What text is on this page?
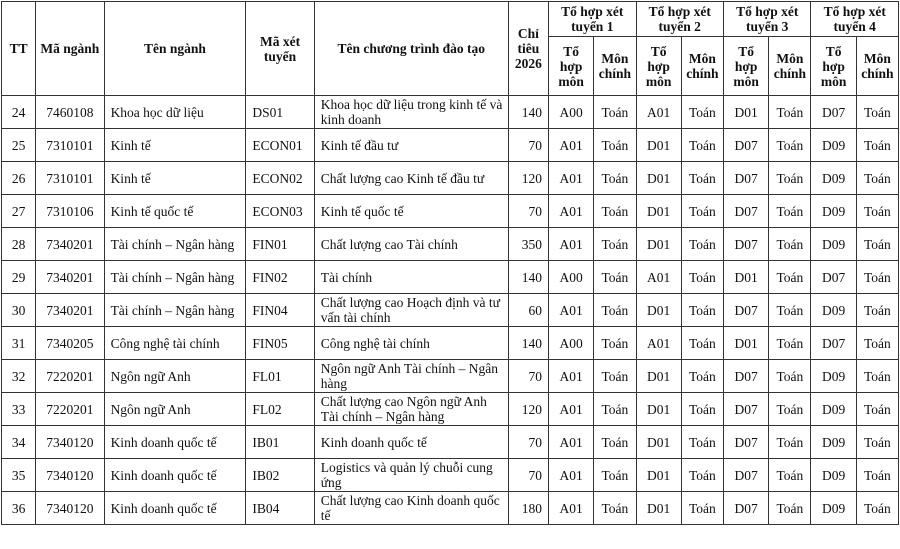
TT	Mã ngành	Tên ngành	Mã xét tuyển	Tên chương trình đào tạo	Chỉ tiêu 2026	Tổ hợp xét tuyển 1		Tổ hợp xét tuyển 2		Tổ hợp xét tuyển 3		Tổ hợp xét tuyển 4	
						Tổ hợp môn	Môn chính	Tổ hợp môn	Môn chính	Tổ hợp môn	Môn chính	Tổ hợp môn	Môn chính
24	7460108	Khoa học dữ liệu	DS01	Khoa học dữ liệu trong kinh tế và kinh doanh	140	A00	Toán	A01	Toán	D01	Toán	D07	Toán
25	7310101	Kinh tế	ECON01	Kinh tế đầu tư	70	A01	Toán	D01	Toán	D07	Toán	D09	Toán
26	7310101	Kinh tế	ECON02	Chất lượng cao Kinh tế đầu tư	120	A01	Toán	D01	Toán	D07	Toán	D09	Toán
27	7310106	Kinh tế quốc tế	ECON03	Kinh tế quốc tế	70	A01	Toán	D01	Toán	D07	Toán	D09	Toán
28	7340201	Tài chính – Ngân hàng	FIN01	Chất lượng cao Tài chính	350	A01	Toán	D01	Toán	D07	Toán	D09	Toán
29	7340201	Tài chính – Ngân hàng	FIN02	Tài chính	140	A00	Toán	A01	Toán	D01	Toán	D07	Toán
30	7340201	Tài chính – Ngân hàng	FIN04	Chất lượng cao Hoạch định và tư vấn tài chính	60	A01	Toán	D01	Toán	D07	Toán	D09	Toán
31	7340205	Công nghệ tài chính	FIN05	Công nghệ tài chính	140	A00	Toán	A01	Toán	D01	Toán	D07	Toán
32	7220201	Ngôn ngữ Anh	FL01	Ngôn ngữ Anh Tài chính – Ngân hàng	70	A01	Toán	D01	Toán	D07	Toán	D09	Toán
33	7220201	Ngôn ngữ Anh	FL02	Chất lượng cao Ngôn ngữ Anh Tài chính – Ngân hàng	120	A01	Toán	D01	Toán	D07	Toán	D09	Toán
34	7340120	Kinh doanh quốc tế	IB01	Kinh doanh quốc tế	70	A01	Toán	D01	Toán	D07	Toán	D09	Toán
35	7340120	Kinh doanh quốc tế	IB02	Logistics và quản lý chuỗi cung ứng	70	A01	Toán	D01	Toán	D07	Toán	D09	Toán
36	7340120	Kinh doanh quốc tế	IB04	Chất lượng cao Kinh doanh quốc tế	180	A01	Toán	D01	Toán	D07	Toán	D09	Toán
